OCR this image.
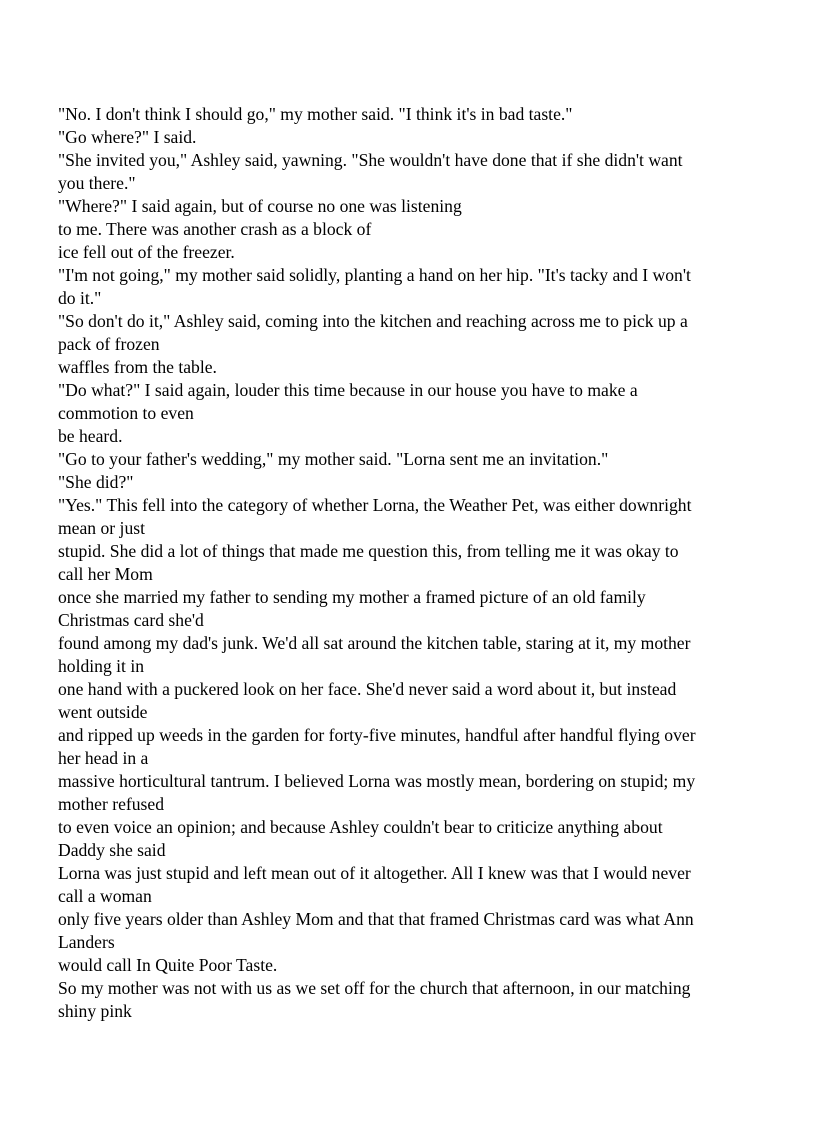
"No. I don't think I should go," my mother said. "I think it's in bad taste."

"Go where?" I said.

"She invited you," Ashley said, yawning. "She wouldn't have done that if she didn't want

you there."

"Where?" I said again, but of course no one was listening

to me. There was another crash as a block of

ice fell out of the freezer.

"I'm not going," my mother said solidly, planting a hand on her hip. "It's tacky and I won't

do it."

"So don't do it," Ashley said, coming into the kitchen and reaching across me to pick up a

pack of frozen

waffles from the table.

"Do what?" I said again, louder this time because in our house you have to make a

commotion to even

be heard.

"Go to your father's wedding," my mother said. "Lorna sent me an invitation."

"She did?"

"Yes." This fell into the category of whether Lorna, the Weather Pet, was either downright

mean or just

stupid. She did a lot of things that made me question this, from telling me it was okay to

call her Mom

once she married my father to sending my mother a framed picture of an old family

Christmas card she'd

found among my dad's junk. We'd all sat around the kitchen table, staring at it, my mother

holding it in

one hand with a puckered look on her face. She'd never said a word about it, but instead

went outside

and ripped up weeds in the garden for forty-five minutes, handful after handful flying over

her head in a

massive horticultural tantrum. I believed Lorna was mostly mean, bordering on stupid; my

mother refused

to even voice an opinion; and because Ashley couldn't bear to criticize anything about

Daddy she said

Lorna was just stupid and left mean out of it altogether. All I knew was that I would never

call a woman

only five years older than Ashley Mom and that that framed Christmas card was what Ann

Landers

would call In Quite Poor Taste.

So my mother was not with us as we set off for the church that afternoon, in our matching

shiny pink
